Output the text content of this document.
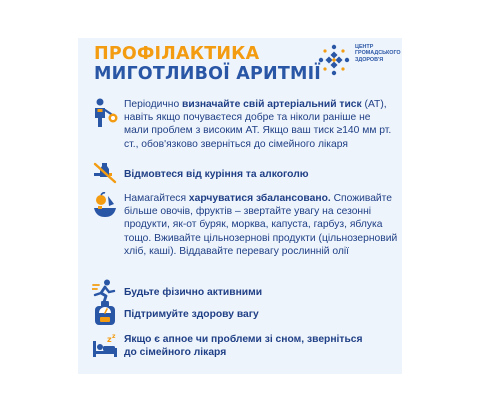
ПРОФІЛАКТИКА
МИГОТЛИВОЇ АРИТМІЇ
ЦЕНТР ГРОМАДСЬКОГО ЗДОРОВ'Я
Періодично визначайте свій артеріальний тиск (АТ), навіть якщо почуваєтеся добре та ніколи раніше не мали проблем з високим АТ. Якщо ваш тиск ≥140 мм рт. ст., обов'язково зверніться до сімейного лікаря
Відмовтеся від куріння та алкоголю
Намагайтеся харчуватися збалансовано. Споживайте більше овочів, фруктів – звертайте увагу на сезонні продукти, як-от буряк, морква, капуста, гарбуз, яблука тощо. Вживайте цільнозернові продукти (цільнозерновий хліб, каші). Віддавайте перевагу рослинній олії
Будьте фізично активними
Підтримуйте здорову вагу
z z Якщо є апное чи проблеми зі сном, зверніться до сімейного лікаря
